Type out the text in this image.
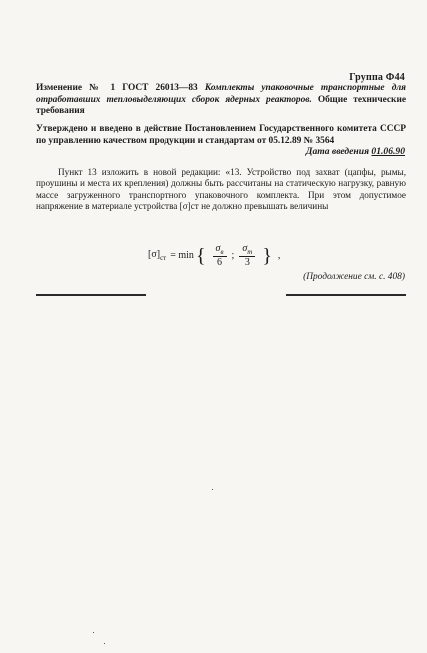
Группа Ф44
Изменение № 1 ГОСТ 26013—83 Комплекты упаковочные транспортные для отработавших тепловыделяющих сборок ядерных реакторов. Общие технические требования
Утверждено и введено в действие Постановлением Государственного комитета СССР по управлению качеством продукции и стандартам от 05.12.89 № 3564
Дата введения 01.06.90
Пункт 13 изложить в новой редакции: «13. Устройство под захват (цапфы, рымы, проушины и места их крепления) должны быть рассчитаны на статическую нагрузку, равную массе загруженного транспортного упаковочного комплекта. При этом допустимое напряжение в материале устройства [σ]ст не должно превышать величины
$[\sigma]_{ст} = \min$ { $\frac{\sigma_в}{6}$ ; $\frac{\sigma_т}{3}$ } ,
(Продолжение см. с. 408)
